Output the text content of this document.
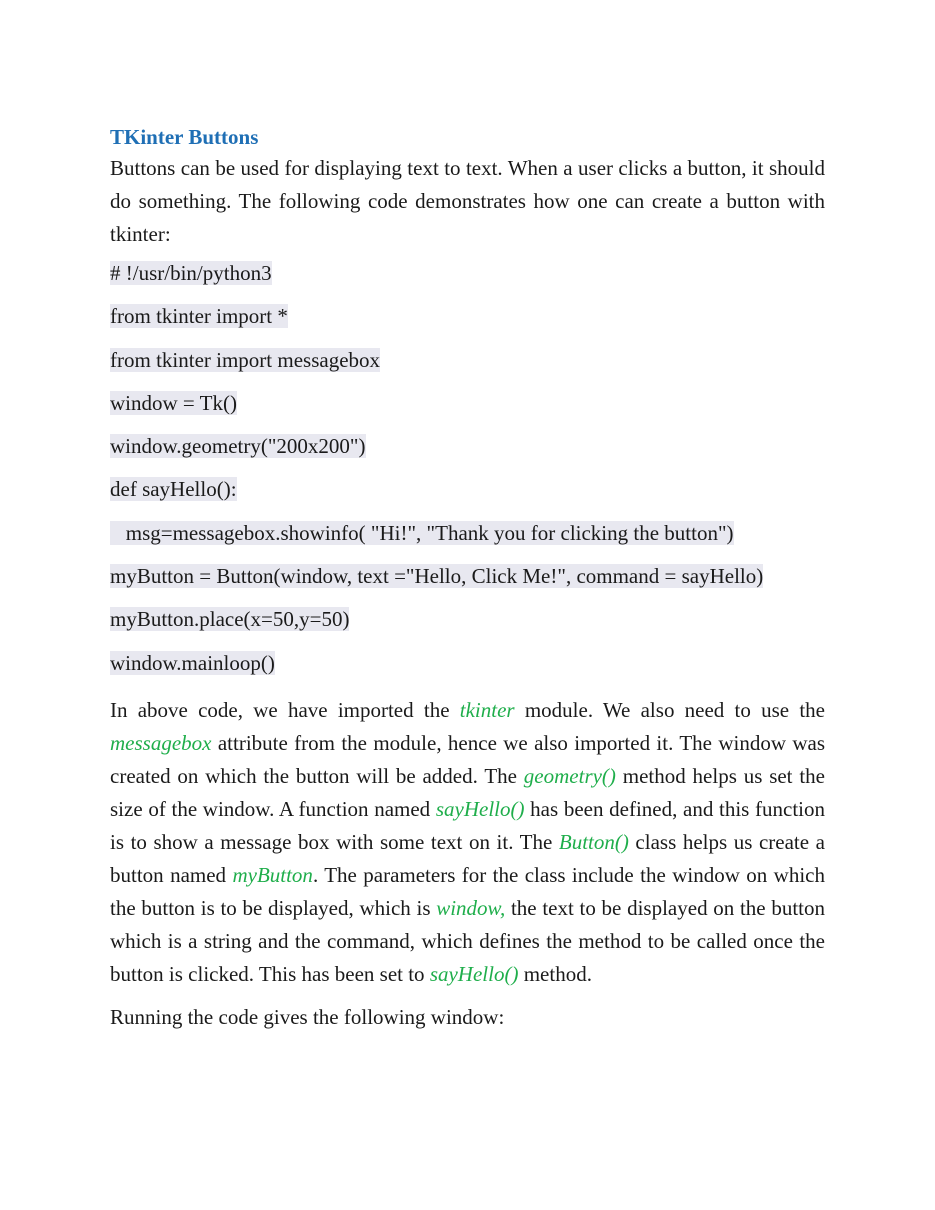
TKinter Buttons

Buttons can be used for displaying text to text. When a user clicks a button, it should do something. The following code demonstrates how one can create a button with tkinter:

# !/usr/bin/python3
from tkinter import *
from tkinter import messagebox
window = Tk()
window.geometry("200x200")
def sayHello():
msg=messagebox.showinfo( "Hi!", "Thank you for clicking the button")
myButton = Button(window, text ="Hello, Click Me!", command = sayHello)
myButton.place(x=50,y=50)
window.mainloop()

In above code, we have imported the tkinter module. We also need to use the messagebox attribute from the module, hence we also imported it. The window was created on which the button will be added. The geometry() method helps us set the size of the window. A function named sayHello() has been defined, and this function is to show a message box with some text on it. The Button() class helps us create a button named myButton. The parameters for the class include the window on which the button is to be displayed, which is window, the text to be displayed on the button which is a string and the command, which defines the method to be called once the button is clicked. This has been set to sayHello() method.

Running the code gives the following window:
